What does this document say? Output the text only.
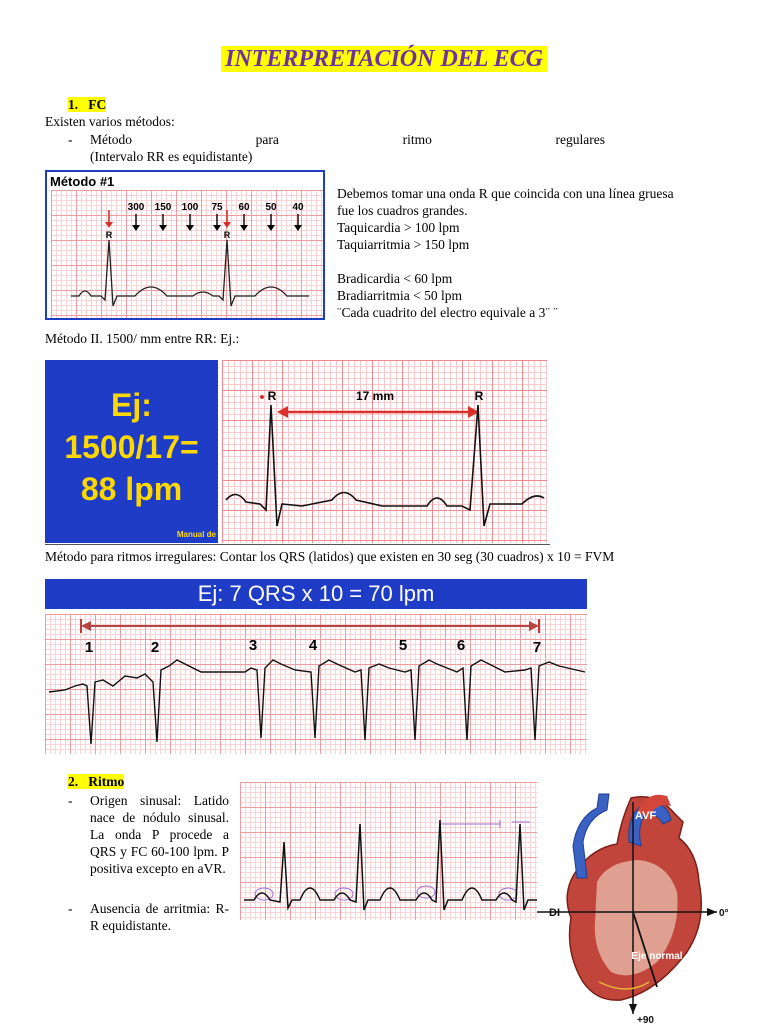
INTERPRETACIÓN DEL ECG
1. FC
Existen varios métodos:
- Método	para	ritmo	regulares
(Intervalo RR es equidistante)
Método #1
300 150 100 75 60 50 40
R	R
Debemos tomar una onda R que coincida con una línea gruesa
fue los cuadros grandes.
Taquicardia > 100 lpm
Taquiarritmia > 150 lpm
Bradicardia < 60 lpm
Bradiarritmia < 50 lpm
¨Cada cuadrito del electro equivale a 3¨ ¨
Método II. 1500/ mm entre RR: Ej.:
Ej:
1500/17=
88 lpm
Manual de
R	R
17 mm
Método para ritmos irregulares: Contar los QRS (latidos) que existen en 30 seg (30 cuadros) x 10 = FVM
Ej: 7 QRS x 10 = 70 lpm
1	2	3	4	5	6	7
2. Ritmo
- Origen sinusal: Latido nace de nódulo sinusal. La onda P procede a QRS y FC 60-100 lpm. P positiva excepto en aVR.
- Ausencia de arritmia: R-R equidistante.
AVF
Eje normal
DI	0°
+90
